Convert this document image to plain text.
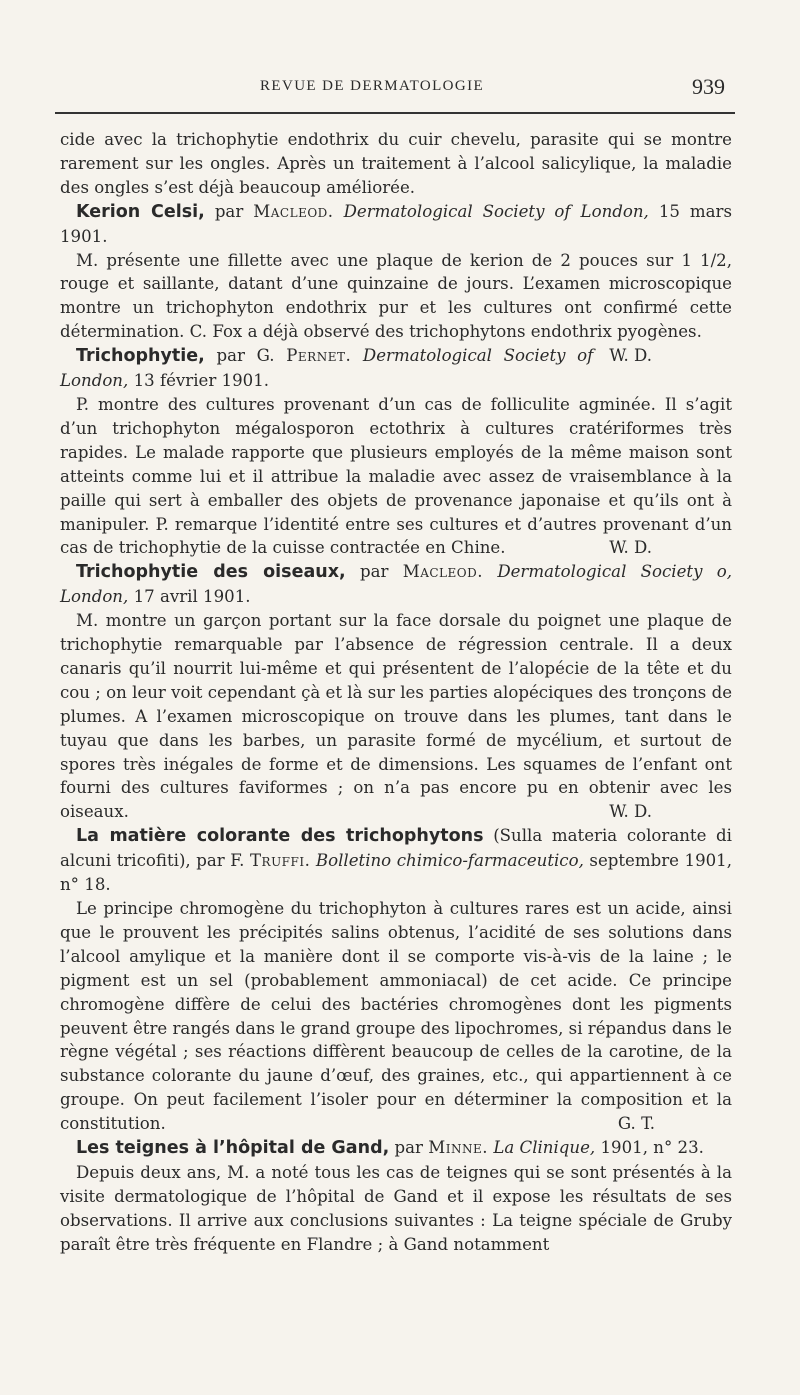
REVUE DE DERMATOLOGIE	939

cide avec la trichophytie endothrix du cuir chevelu, parasite qui se montre rarement sur les ongles. Après un traitement à l’alcool salicylique, la maladie des ongles s’est déjà beaucoup améliorée.

Kerion Celsi, par Macleod. Dermatological Society of London, 15 mars 1901.

M. présente une fillette avec une plaque de kerion de 2 pouces sur 1 1/2, rouge et saillante, datant d’une quinzaine de jours. L’examen microscopique montre un trichophyton endothrix pur et les cultures ont confirmé cette détermination. C. Fox a déjà observé des trichophytons endothrix pyogènes.
W. D.

Trichophytie, par G. Pernet. Dermatological Society of London, 13 février 1901.

P. montre des cultures provenant d’un cas de folliculite agminée. Il s’agit d’un trichophyton mégalosporon ectothrix à cultures cratériformes très rapides. Le malade rapporte que plusieurs employés de la même maison sont atteints comme lui et il attribue la maladie avec assez de vraisemblance à la paille qui sert à emballer des objets de provenance japonaise et qu’ils ont à manipuler. P. remarque l’identité entre ses cultures et d’autres provenant d’un cas de trichophytie de la cuisse contractée en Chine.	W. D.

Trichophytie des oiseaux, par Macleod. Dermatological Society o, London, 17 avril 1901.

M. montre un garçon portant sur la face dorsale du poignet une plaque de trichophytie remarquable par l’absence de régression centrale. Il a deux canaris qu’il nourrit lui-même et qui présentent de l’alopécie de la tête et du cou ; on leur voit cependant çà et là sur les parties alopéciques des tronçons de plumes. A l’examen microscopique on trouve dans les plumes, tant dans le tuyau que dans les barbes, un parasite formé de mycélium, et surtout de spores très inégales de forme et de dimensions. Les squames de l’enfant ont fourni des cultures faviformes ; on n’a pas encore pu en obtenir avec les oiseaux.	W. D.

La matière colorante des trichophytons (Sulla materia colorante di alcuni tricofiti), par F. Truffi. Bolletino chimico-farmaceutico, septembre 1901, n° 18.

Le principe chromogène du trichophyton à cultures rares est un acide, ainsi que le prouvent les précipités salins obtenus, l’acidité de ses solutions dans l’alcool amylique et la manière dont il se comporte vis-à-vis de la laine ; le pigment est un sel (probablement ammoniacal) de cet acide. Ce principe chromogène diffère de celui des bactéries chromogènes dont les pigments peuvent être rangés dans le grand groupe des lipochromes, si répandus dans le règne végétal ; ses réactions diffèrent beaucoup de celles de la carotine, de la substance colorante du jaune d’œuf, des graines, etc., qui appartiennent à ce groupe. On peut facilement l’isoler pour en déterminer la composition et la constitution.	G. T.

Les teignes à l’hôpital de Gand, par Minne. La Clinique, 1901, n° 23.

Depuis deux ans, M. a noté tous les cas de teignes qui se sont présentés à la visite dermatologique de l’hôpital de Gand et il expose les résultats de ses observations. Il arrive aux conclusions suivantes : La teigne spéciale de Gruby paraît être très fréquente en Flandre ; à Gand notamment
